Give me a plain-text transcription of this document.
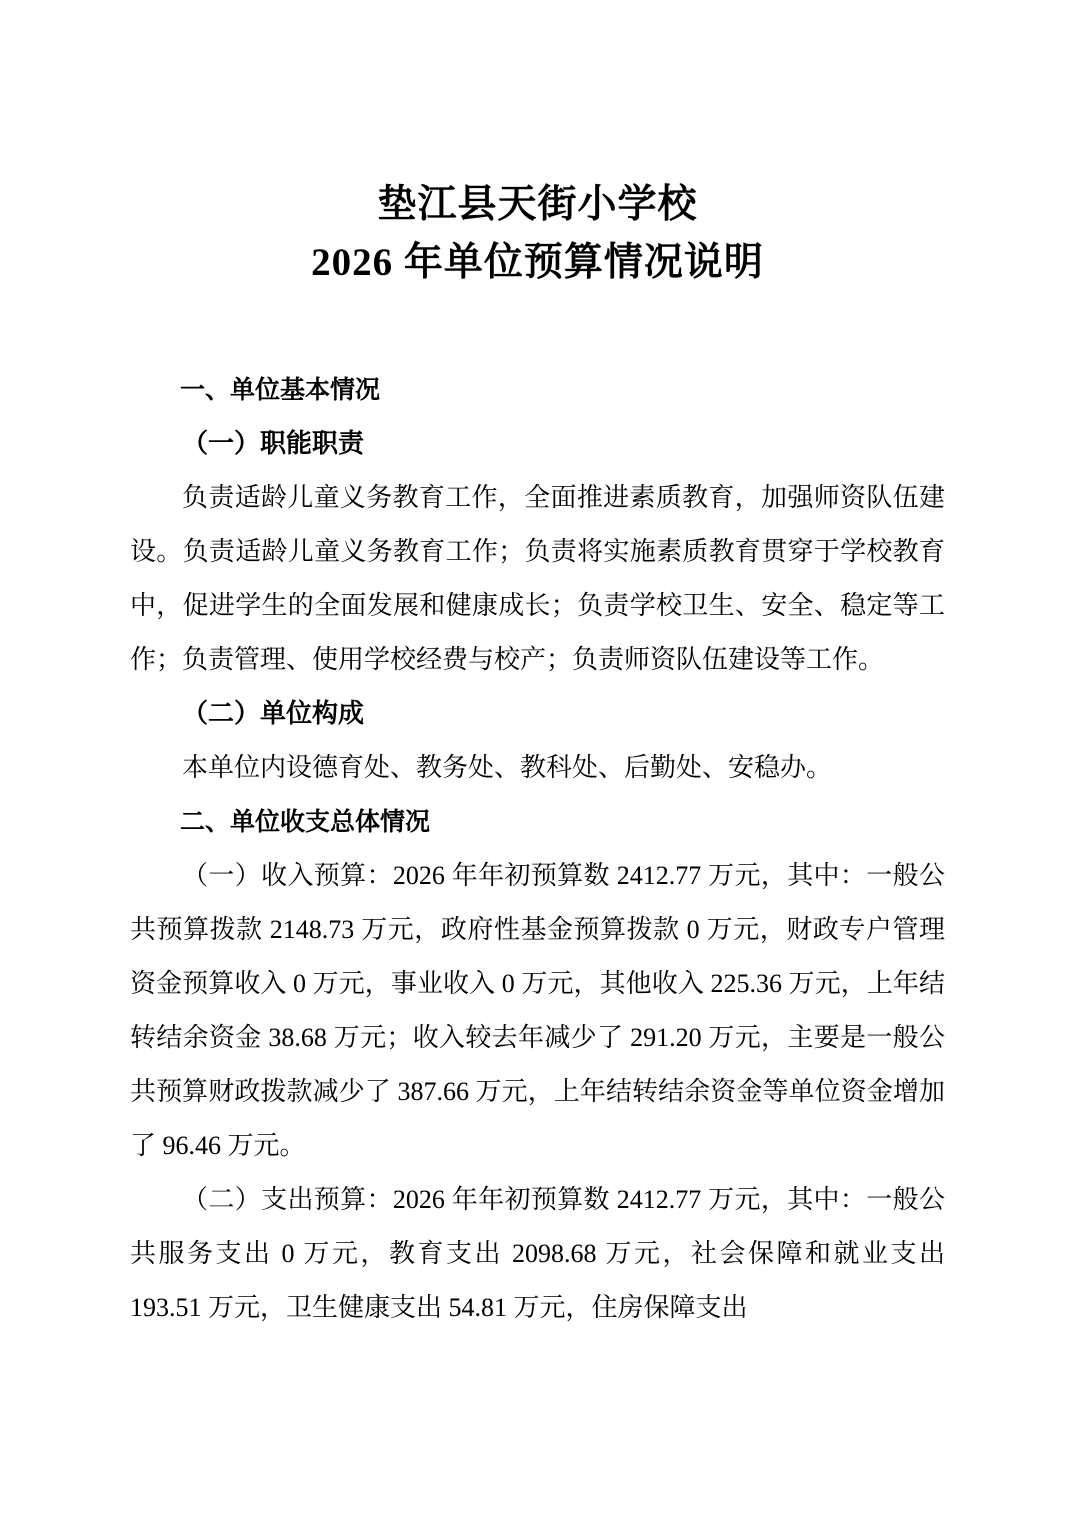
垫江县天街小学校
2026 年单位预算情况说明

一、单位基本情况

（一）职能职责

负责适龄儿童义务教育工作，全面推进素质教育，加强师资队伍建设。负责适龄儿童义务教育工作；负责将实施素质教育贯穿于学校教育中，促进学生的全面发展和健康成长；负责学校卫生、安全、稳定等工作；负责管理、使用学校经费与校产；负责师资队伍建设等工作。

（二）单位构成

本单位内设德育处、教务处、教科处、后勤处、安稳办。

二、单位收支总体情况

（一）收入预算：2026 年年初预算数 2412.77 万元，其中：一般公共预算拨款 2148.73 万元，政府性基金预算拨款 0 万元，财政专户管理资金预算收入 0 万元，事业收入 0 万元，其他收入 225.36 万元，上年结转结余资金 38.68 万元；收入较去年减少了 291.20 万元，主要是一般公共预算财政拨款减少了 387.66 万元，上年结转结余资金等单位资金增加了 96.46 万元。

（二）支出预算：2026 年年初预算数 2412.77 万元，其中：一般公共服务支出 0 万元，教育支出 2098.68 万元，社会保障和就业支出 193.51 万元，卫生健康支出 54.81 万元，住房保障支出
